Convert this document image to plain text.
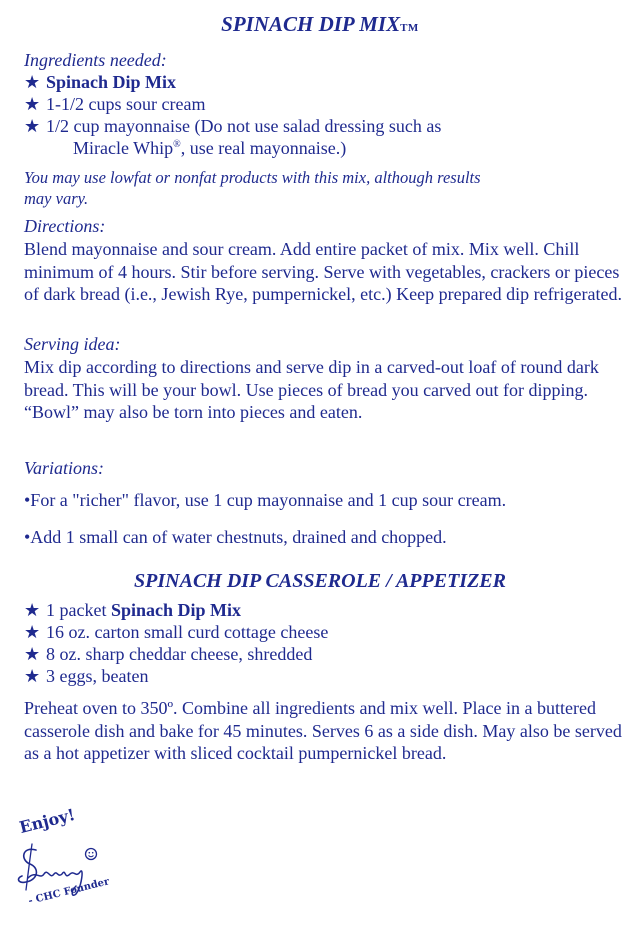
SPINACH DIP MIXTM
Ingredients needed:
★ Spinach Dip Mix
★ 1-1/2 cups sour cream
★ 1/2 cup mayonnaise (Do not use salad dressing such as
Miracle Whip®, use real mayonnaise.)
You may use lowfat or nonfat products with this mix, although results
may vary.
Directions:
Blend mayonnaise and sour cream. Add entire packet of mix. Mix well. Chill minimum of 4 hours. Stir before serving. Serve with vegetables, crackers or pieces of dark bread (i.e., Jewish Rye, pumpernickel, etc.) Keep prepared dip refrigerated.
Serving idea:
Mix dip according to directions and serve dip in a carved-out loaf of round dark bread. This will be your bowl. Use pieces of bread you carved out for dipping. “Bowl” may also be torn into pieces and eaten.
Variations:
•For a "richer" flavor, use 1 cup mayonnaise and 1 cup sour cream.
•Add 1 small can of water chestnuts, drained and chopped.
SPINACH DIP CASSEROLE / APPETIZER
★ 1 packet Spinach Dip Mix
★ 16 oz. carton small curd cottage cheese
★ 8 oz. sharp cheddar cheese, shredded
★ 3 eggs, beaten
Preheat oven to 350º. Combine all ingredients and mix well. Place in a buttered casserole dish and bake for 45 minutes. Serves 6 as a side dish. May also be served as a hot appetizer with sliced cocktail pumpernickel bread.
Enjoy!
- CHC Founder
